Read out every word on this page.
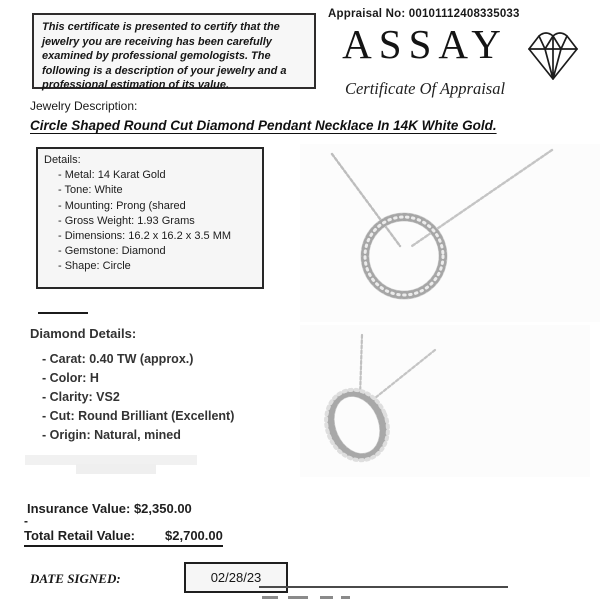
This certificate is presented to certify that the jewelry you are receiving has been carefully examined by professional gemologists. The following is a description of your jewelry and a professional estimation of its value.
Appraisal No: 00101112408335033
ASSAY
Certificate Of Appraisal
Jewelry Description:
Circle Shaped Round Cut Diamond Pendant Necklace In 14K White Gold.
Details:
- Metal: 14 Karat Gold
- Tone: White
- Mounting: Prong (shared
- Gross Weight: 1.93 Grams
- Dimensions: 16.2 x 16.2 x 3.5 MM
- Gemstone: Diamond
- Shape: Circle
Diamond Details:
- Carat: 0.40 TW (approx.)
- Color: H
- Clarity: VS2
- Cut: Round Brilliant (Excellent)
- Origin: Natural, mined
Insurance Value: $2,350.00
-
Total Retail Value: $2,700.00
DATE SIGNED:	02/28/23
